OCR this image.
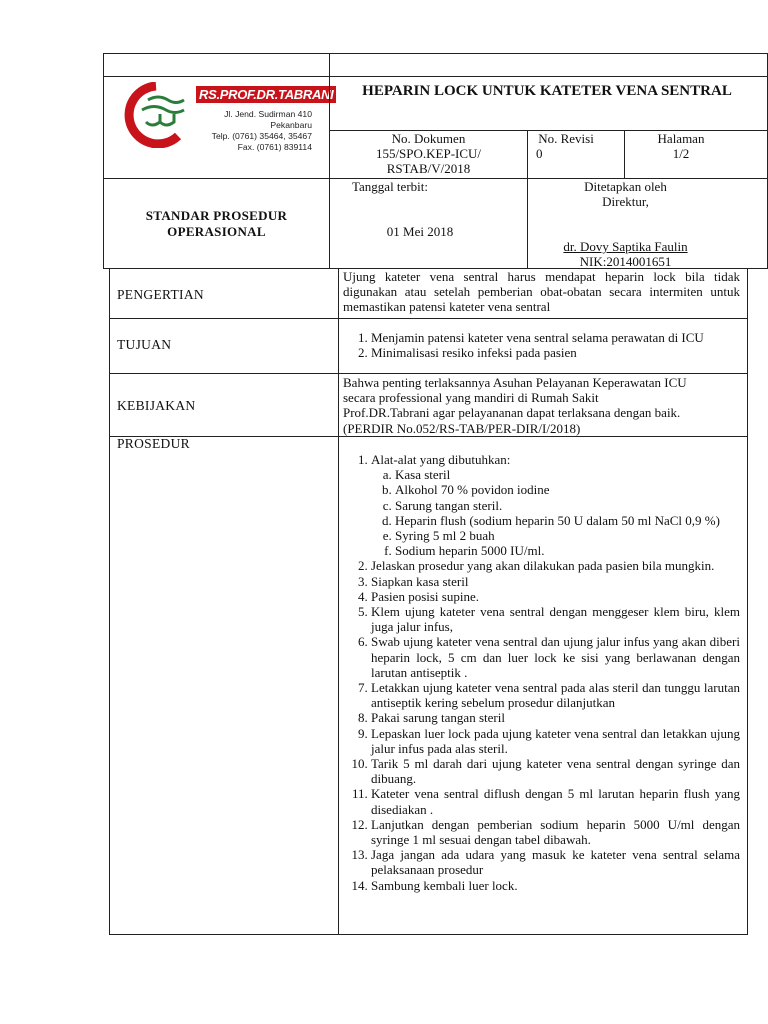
RS.PROF.DR.TABRANI
Jl. Jend. Sudirman 410 Pekanbaru
Telp. (0761) 35464, 35467
Fax. (0761) 839114
HEPARIN LOCK UNTUK KATETER VENA SENTRAL
No. Dokumen
155/SPO.KEP-ICU/
RSTAB/V/2018
No. Revisi
0
Halaman
1/2
STANDAR PROSEDUR
OPERASIONAL
Tanggal terbit:
01 Mei 2018
Ditetapkan oleh
Direktur,
dr. Dovy Saptika Faulin
NIK:2014001651
PENGERTIAN
Ujung kateter vena sentral harus mendapat heparin lock bila tidak digunakan atau setelah pemberian obat-obatan secara intermiten untuk memastikan patensi kateter vena sentral
TUJUAN
1.	Menjamin patensi kateter vena sentral selama perawatan di ICU
2. Minimalisasi resiko infeksi pada pasien
KEBIJAKAN
Bahwa penting terlaksannya Asuhan Pelayanan Keperawatan ICU secara professional yang mandiri di Rumah Sakit
Prof.DR.Tabrani agar pelayananan dapat terlaksana dengan baik.(PERDIR No.052/RS-TAB/PER-DIR/I/2018)
PROSEDUR
1. Alat-alat yang dibutuhkan:
a. Kasa steril
b. Alkohol 70 % povidon iodine
c. Sarung tangan steril.
d. Heparin flush (sodium heparin 50 U dalam 50 ml NaCl 0,9 %)
e. Syring 5 ml 2 buah
f. Sodium heparin 5000 IU/ml.
2. Jelaskan prosedur yang akan dilakukan pada pasien bila mungkin.
3. Siapkan kasa steril
4. Pasien posisi supine.
5. Klem ujung kateter vena sentral dengan menggeser klem biru, klem juga jalur infus,
6. Swab ujung kateter vena sentral dan ujung jalur infus yang akan diberi heparin lock, 5 cm dan luer lock ke sisi yang berlawanan dengan larutan antiseptik .
7. Letakkan ujung kateter vena sentral pada alas steril dan tunggu larutan antiseptik kering sebelum prosedur dilanjutkan
8. Pakai sarung tangan steril
9. Lepaskan luer lock pada ujung kateter vena sentral dan letakkan ujung jalur infus pada alas steril.
10. Tarik 5 ml darah dari ujung kateter vena sentral dengan syringe dan dibuang.
11. Kateter vena sentral diflush dengan 5 ml larutan heparin flush yang disediakan .
12. Lanjutkan dengan pemberian sodium heparin 5000 U/ml dengan syringe 1 ml sesuai dengan tabel dibawah.
13. Jaga jangan ada udara yang masuk ke kateter vena sentral selama pelaksanaan prosedur
14. Sambung kembali luer lock.
